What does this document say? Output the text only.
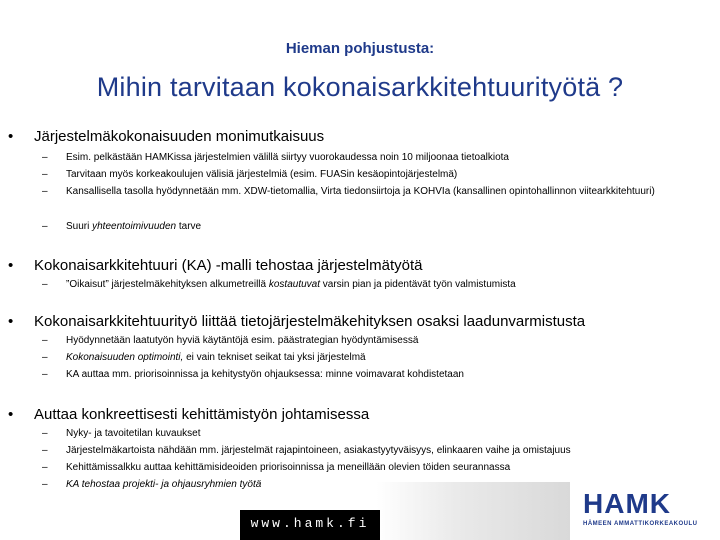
Hieman pohjustusta:
Mihin tarvitaan kokonaisarkkitehtuurityötä ?
• Järjestelmäkokonaisuuden monimutkaisuus
– Esim. pelkästään HAMKissa järjestelmien välillä siirtyy vuorokaudessa noin 10 miljoonaa tietoalkiota
– Tarvitaan myös korkeakoulujen välisiä järjestelmiä (esim. FUASin kesäopintojärjestelmä)
– Kansallisella tasolla hyödynnetään mm. XDW-tietomallia, Virta tiedonsiirtoja ja KOHVIa (kansallinen opintohallinnon viitearkkitehtuuri)
– Suuri yhteentoimivuuden tarve
• Kokonaisarkkitehtuuri (KA) -malli tehostaa järjestelmätyötä
– ”Oikaisut” järjestelmäkehityksen alkumetreillä kostautuvat varsin pian ja pidentävät työn valmistumista
• Kokonaisarkkitehtuurityö liittää tietojärjestelmäkehityksen osaksi laadunvarmistusta
– Hyödynnetään laatutyön hyviä käytäntöjä esim. päästrategian hyödyntämisessä
– Kokonaisuuden optimointi, ei vain tekniset seikat tai yksi järjestelmä
– KA auttaa mm. priorisoinnissa ja kehitystyön ohjauksessa: minne voimavarat kohdistetaan
• Auttaa konkreettisesti kehittämistyön johtamisessa
– Nyky- ja tavoitetilan kuvaukset
– Järjestelmäkartoista nähdään mm. järjestelmät rajapintoineen, asiakastyytyväisyys, elinkaaren vaihe ja omistajuus
– Kehittämissalkku auttaa kehittämisideoiden priorisoinnissa ja meneillään olevien töiden seurannassa
– KA tehostaa projekti- ja ohjausryhmien työtä
www.hamk.fi
HAMK
HÄMEEN AMMATTIKORKEAKOULU
